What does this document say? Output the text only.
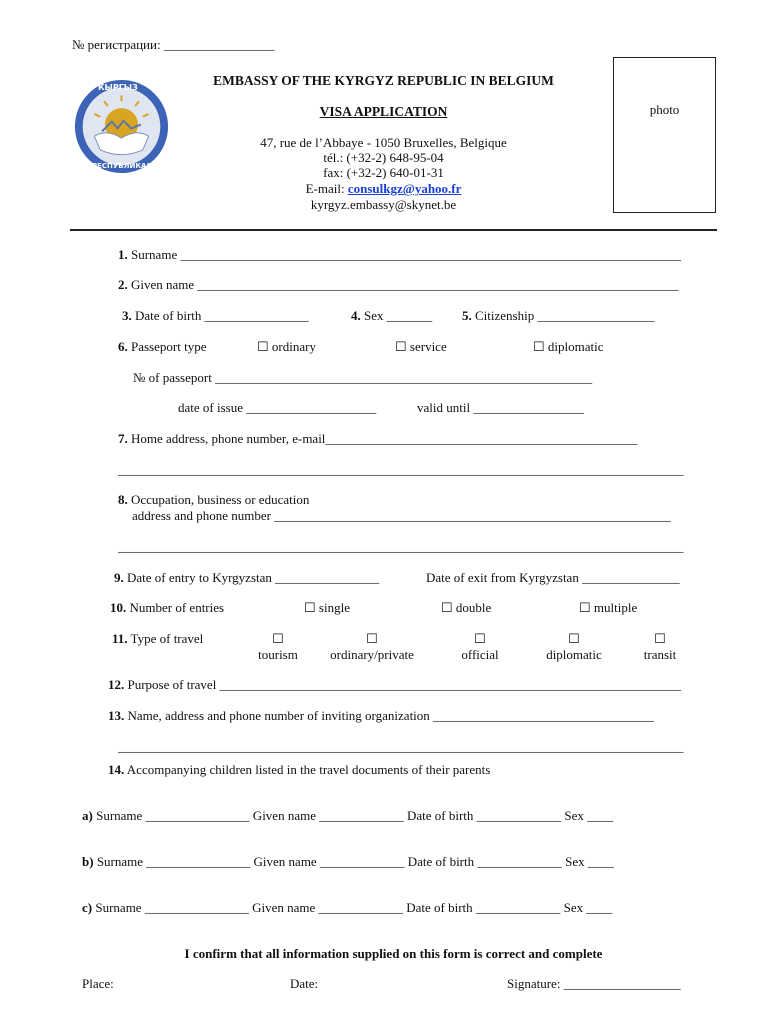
№ регистрации: _________________
КЫРГЫЗ
РЕСПУБЛИКАСЫ
EMBASSY OF THE KYRGYZ REPUBLIC IN BELGIUM
VISA APPLICATION
47, rue de l’Abbaye - 1050 Bruxelles, Belgique
tél.: (+32-2) 648-95-04
fax: (+32-2) 640-01-31
E-mail: consulkgz@yahoo.fr
kyrgyz.embassy@skynet.be
photo
1. Surname _____________________________________________________________________________
2. Given name __________________________________________________________________________
3. Date of birth ________________	4. Sex _______ 5. Citizenship __________________
6. Passeport type	☐ ordinary	☐ service	☐ diplomatic
№ of passeport __________________________________________________________
date of issue ____________________	valid until _________________
7. Home address, phone number, e-mail________________________________________________
_______________________________________________________________________________________
8. Occupation, business or education
address and phone number _____________________________________________________________
_______________________________________________________________________________________
9. Date of entry to Kyrgyzstan ________________	Date of exit from Kyrgyzstan _______________
10. Number of entries	☐ single	☐ double	☐ multiple
11. Type of travel
☐
tourism
☐	ordinary/private
☐	official
☐	diplomatic
☐	transit
12. Purpose of travel _______________________________________________________________________
13. Name, address and phone number of inviting organization __________________________________
_______________________________________________________________________________________
14. Accompanying children listed in the travel documents of their parents
a) Surname ________________ Given name _____________ Date of birth _____________ Sex ____
b) Surname ________________ Given name _____________ Date of birth _____________ Sex ____
c) Surname ________________ Given name _____________ Date of birth _____________ Sex ____
I confirm that all information supplied on this form is correct and complete
Place:	Date:	Signature: __________________
